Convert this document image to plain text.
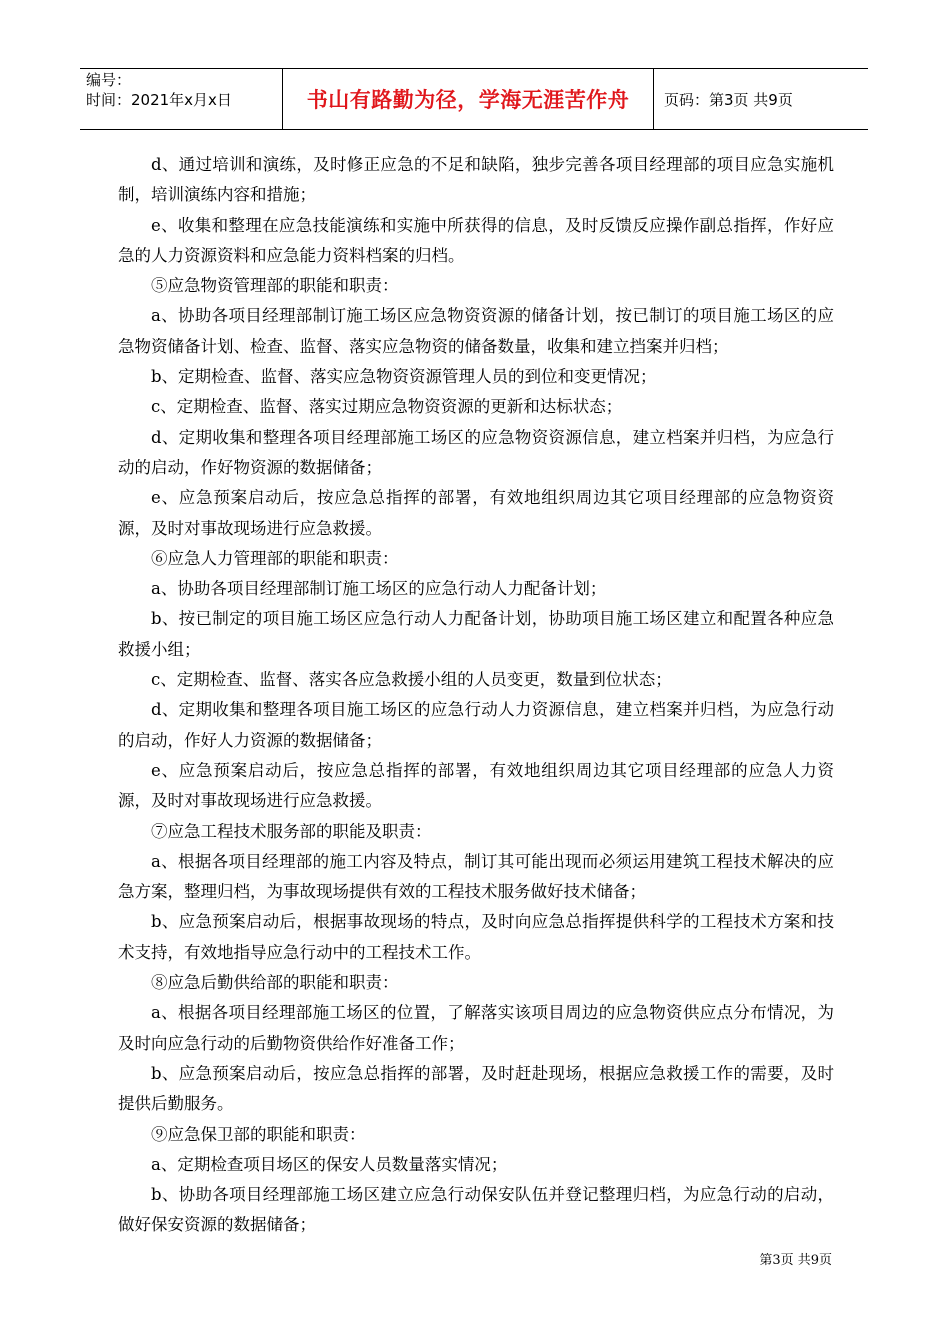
编号：
时间：2021年x月x日	书山有路勤为径，学海无涯苦作舟	页码：第3页 共9页

d、通过培训和演练，及时修正应急的不足和缺陷，独步完善各项目经理部的项目应急实施机制，培训演练内容和措施；

e、收集和整理在应急技能演练和实施中所获得的信息，及时反馈反应操作副总指挥，作好应急的人力资源资料和应急能力资料档案的归档。

⑤应急物资管理部的职能和职责：

a、协助各项目经理部制订施工场区应急物资资源的储备计划，按已制订的项目施工场区的应急物资储备计划、检查、监督、落实应急物资的储备数量，收集和建立挡案并归档；

b、定期检查、监督、落实应急物资资源管理人员的到位和变更情况；

c、定期检查、监督、落实过期应急物资资源的更新和达标状态；

d、定期收集和整理各项目经理部施工场区的应急物资资源信息，建立档案并归档，为应急行动的启动，作好物资源的数据储备；

e、应急预案启动后，按应急总指挥的部署，有效地组织周边其它项目经理部的应急物资资源，及时对事故现场进行应急救援。

⑥应急人力管理部的职能和职责：

a、协助各项目经理部制订施工场区的应急行动人力配备计划；

b、按已制定的项目施工场区应急行动人力配备计划，协助项目施工场区建立和配置各种应急救援小组；

c、定期检查、监督、落实各应急救援小组的人员变更，数量到位状态；

d、定期收集和整理各项目施工场区的应急行动人力资源信息，建立档案并归档，为应急行动的启动，作好人力资源的数据储备；

e、应急预案启动后，按应急总指挥的部署，有效地组织周边其它项目经理部的应急人力资源，及时对事故现场进行应急救援。

⑦应急工程技术服务部的职能及职责：

a、根据各项目经理部的施工内容及特点，制订其可能出现而必须运用建筑工程技术解决的应急方案，整理归档，为事故现场提供有效的工程技术服务做好技术储备；

b、应急预案启动后，根据事故现场的特点，及时向应急总指挥提供科学的工程技术方案和技术支持，有效地指导应急行动中的工程技术工作。

⑧应急后勤供给部的职能和职责：

a、根据各项目经理部施工场区的位置，了解落实该项目周边的应急物资供应点分布情况，为及时向应急行动的后勤物资供给作好准备工作；

b、应急预案启动后，按应急总指挥的部署，及时赶赴现场，根据应急救援工作的需要，及时提供后勤服务。

⑨应急保卫部的职能和职责：

a、定期检查项目场区的保安人员数量落实情况；

b、协助各项目经理部施工场区建立应急行动保安队伍并登记整理归档，为应急行动的启动，做好保安资源的数据储备；

第3页 共9页
